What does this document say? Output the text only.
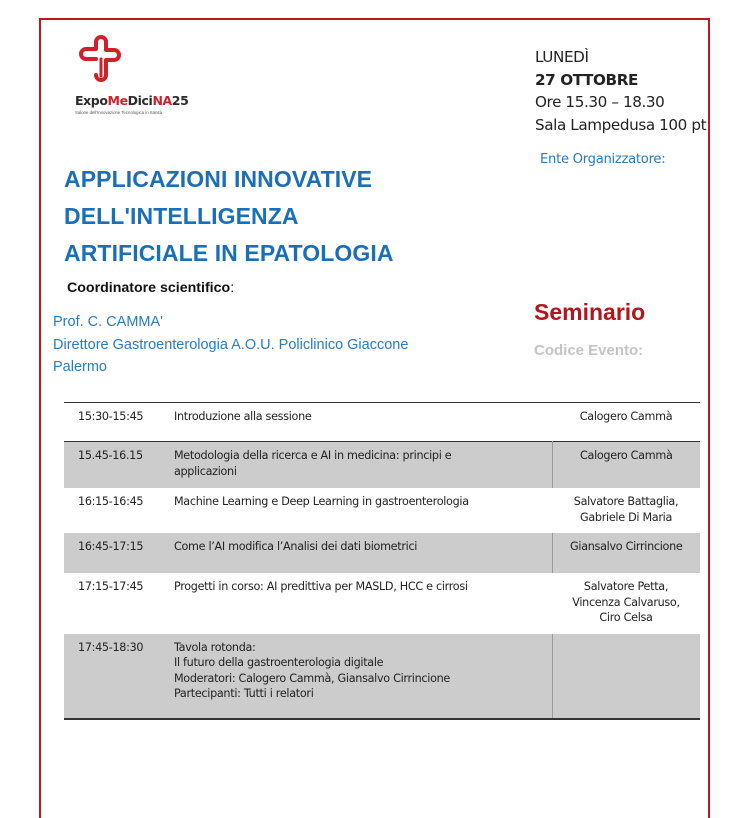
ExpoMeDiciNA25
Salone dell'Innovazione Tecnologica in Sanità
LUNEDÌ
27 OTTOBRE
Ore 15.30 – 18.30
Sala Lampedusa 100 pt
Ente Organizzatore:
APPLICAZIONI INNOVATIVE
DELL'INTELLIGENZA
ARTIFICIALE IN EPATOLOGIA
Coordinatore scientifico:
Prof. C. CAMMA'
Direttore Gastroenterologia A.O.U. Policlinico Giaccone
Palermo
Seminario
Codice Evento:
15:30-15:45	Introduzione alla sessione	Calogero Cammà

15.45-16.15	Metodologia della ricerca e AI in medicina: principi e
applicazioni	Calogero Cammà

16:15-16:45	Machine Learning e Deep Learning in gastroenterologia	Salvatore Battaglia,
Gabriele Di Maria

16:45-17:15	Come l’AI modifica l’Analisi dei dati biometrici	Giansalvo Cirrincione

17:15-17:45	Progetti in corso: AI predittiva per MASLD, HCC e cirrosi	Salvatore Petta,
Vincenza Calvaruso,
Ciro Celsa

17:45-18:30	Tavola rotonda:
Il futuro della gastroenterologia digitale
Moderatori: Calogero Cammà, Giansalvo Cirrincione
Partecipanti: Tutti i relatori	
